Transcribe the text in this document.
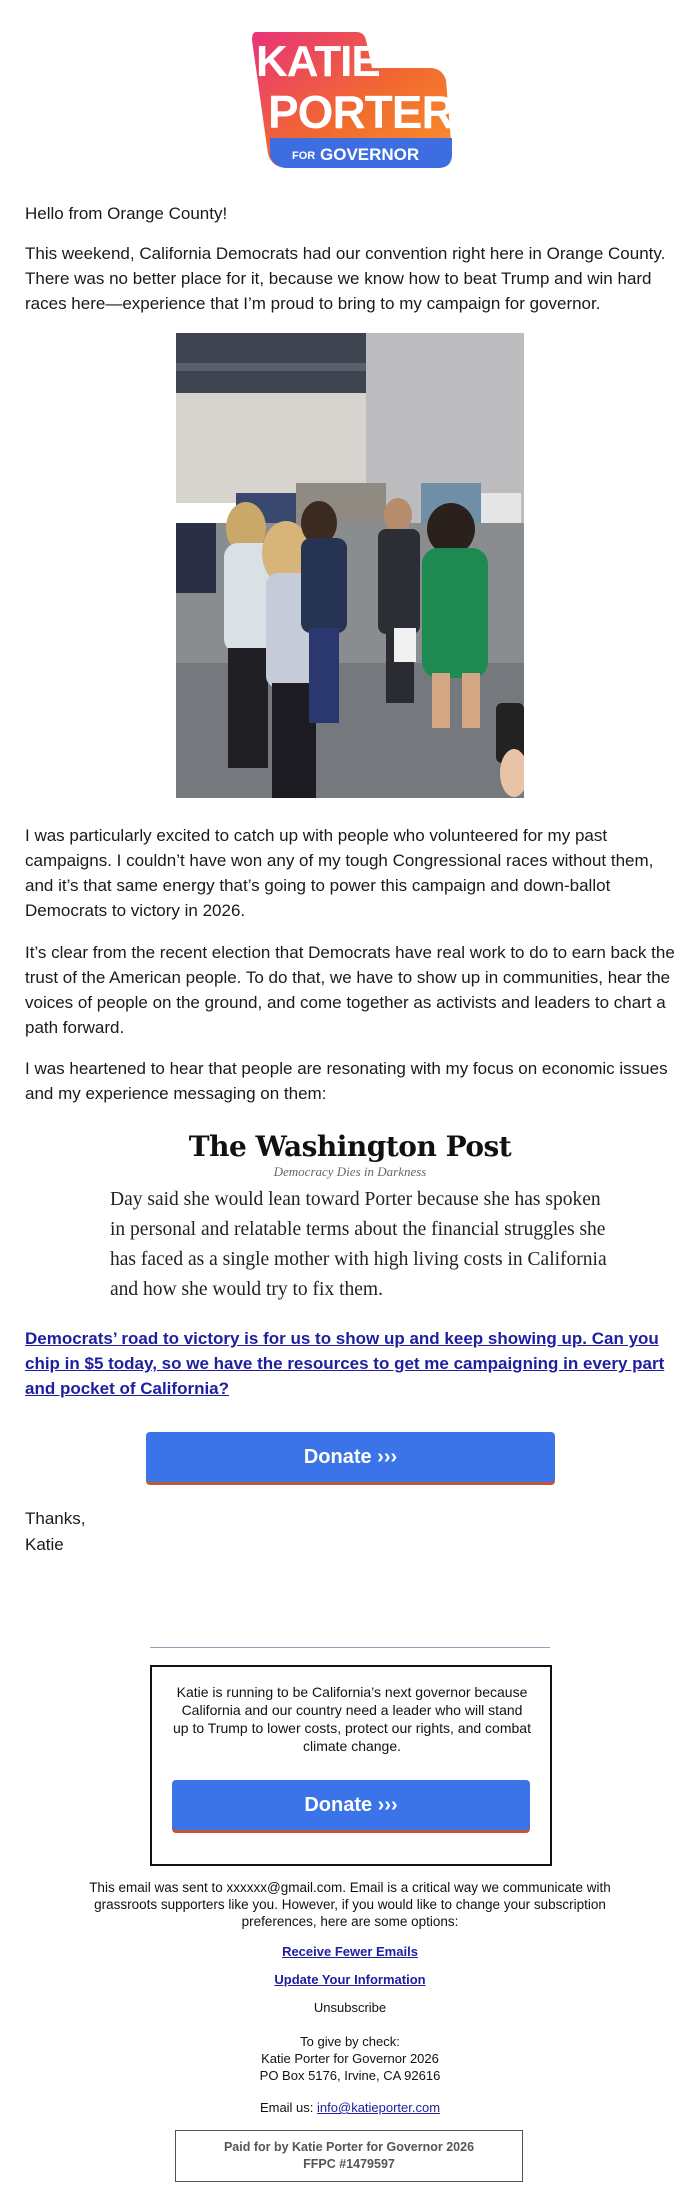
KATIE
PORTER
FOR GOVERNOR

Hello from Orange County!

This weekend, California Democrats had our convention right here in Orange County. There was no better place for it, because we know how to beat Trump and win hard races here—experience that I’m proud to bring to my campaign for governor.

I was particularly excited to catch up with people who volunteered for my past campaigns. I couldn’t have won any of my tough Congressional races without them, and it’s that same energy that’s going to power this campaign and down-ballot Democrats to victory in 2026.

It’s clear from the recent election that Democrats have real work to do to earn back the trust of the American people. To do that, we have to show up in communities, hear the voices of people on the ground, and come together as activists and leaders to chart a path forward.

I was heartened to hear that people are resonating with my focus on economic issues and my experience messaging on them:

The Washington Post
Democracy Dies in Darkness

Day said she would lean toward Porter because she has spoken in personal and relatable terms about the financial struggles she has faced as a single mother with high living costs in California and how she would try to fix them.

Democrats’ road to victory is for us to show up and keep showing up. Can you chip in $5 today, so we have the resources to get me campaigning in every part and pocket of California?

Donate ›››
Thanks,
Katie

Katie is running to be California’s next governor because California and our country need a leader who will stand up to Trump to lower costs, protect our rights, and combat climate change.

Donate ›››

This email was sent to xxxxxx@gmail.com. Email is a critical way we communicate with grassroots supporters like you. However, if you would like to change your subscription preferences, here are some options:

Receive Fewer Emails
Update Your Information
Unsubscribe
To give by check:
Katie Porter for Governor 2026
PO Box 5176, Irvine, CA 92616
Email us: info@katieporter.com
Paid for by Katie Porter for Governor 2026
FFPC #1479597
